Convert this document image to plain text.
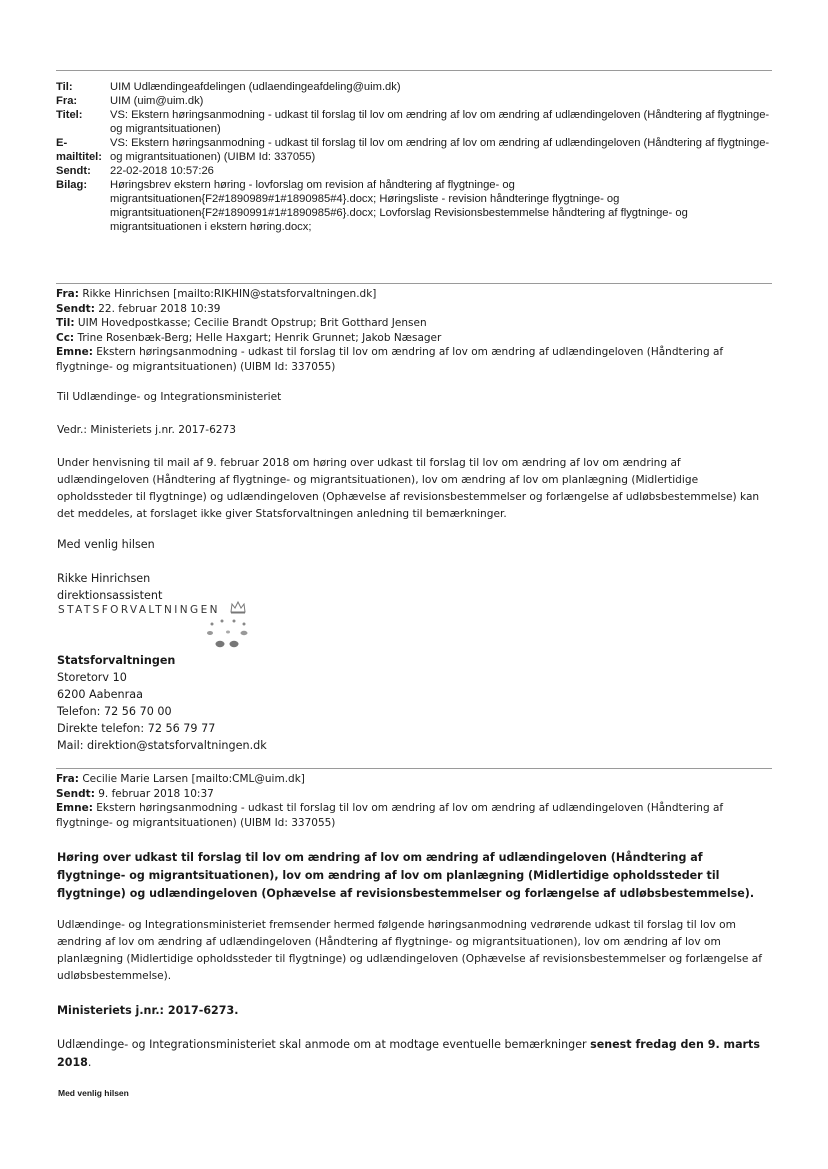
Til:	UIM Udlændingeafdelingen (udlaendingeafdeling@uim.dk)
Fra:	UIM (uim@uim.dk)
Titel:	VS: Ekstern høringsanmodning - udkast til forslag til lov om ændring af lov om ændring af udlændingeloven (Håndtering af flygtninge- og migrantsituationen)
E-mailtitel:
VS: Ekstern høringsanmodning - udkast til forslag til lov om ændring af lov om ændring af udlændingeloven (Håndtering af flygtninge- og migrantsituationen) (UIBM Id: 337055)
Sendt:	22-02-2018 10:57:26
Bilag:	Høringsbrev ekstern høring - lovforslag om revision af håndtering af flygtninge- og migrantsituationen{F2#1890989#1#1890985#4}.docx; Høringsliste - revision håndteringe flygtninge- og migrantsituationen{F2#1890991#1#1890985#6}.docx; Lovforslag Revisionsbestemmelse håndtering af flygtninge- og migrantsituationen i ekstern høring.docx;
Fra: Rikke Hinrichsen [mailto:RIKHIN@statsforvaltningen.dk]
Sendt: 22. februar 2018 10:39
Til: UIM Hovedpostkasse; Cecilie Brandt Opstrup; Brit Gotthard Jensen
Cc: Trine Rosenbæk-Berg; Helle Haxgart; Henrik Grunnet; Jakob Næsager
Emne: Ekstern høringsanmodning - udkast til forslag til lov om ændring af lov om ændring af udlændingeloven (Håndtering af flygtninge- og migrantsituationen) (UIBM Id: 337055)
Til Udlændinge- og Integrationsministeriet
Vedr.: Ministeriets j.nr. 2017-6273
Under henvisning til mail af 9. februar 2018 om høring over udkast til forslag til lov om ændring af lov om ændring af udlændingeloven (Håndtering af flygtninge- og migrantsituationen), lov om ændring af lov om planlægning (Midlertidige opholdssteder til flygtninge) og udlændingeloven (Ophævelse af revisionsbestemmelser og forlængelse af udløbsbestemmelse) kan det meddeles, at forslaget ikke giver Statsforvaltningen anledning til bemærkninger.
Med venlig hilsen
Rikke Hinrichsen
direktionsassistent
STATSFORVALTNINGEN
Statsforvaltningen
Storetorv 10
6200 Aabenraa
Telefon: 72 56 70 00
Direkte telefon: 72 56 79 77
Mail: direktion@statsforvaltningen.dk
Fra: Cecilie Marie Larsen [mailto:CML@uim.dk]
Sendt: 9. februar 2018 10:37
Emne: Ekstern høringsanmodning - udkast til forslag til lov om ændring af lov om ændring af udlændingeloven (Håndtering af flygtninge- og migrantsituationen) (UIBM Id: 337055)
Høring over udkast til forslag til lov om ændring af lov om ændring af udlændingeloven (Håndtering af flygtninge- og migrantsituationen), lov om ændring af lov om planlægning (Midlertidige opholdssteder til flygtninge) og udlændingeloven (Ophævelse af revisionsbestemmelser og forlængelse af udløbsbestemmelse).
Udlændinge- og Integrationsministeriet fremsender hermed følgende høringsanmodning vedrørende udkast til forslag til lov om ændring af lov om ændring af udlændingeloven (Håndtering af flygtninge- og migrantsituationen), lov om ændring af lov om planlægning (Midlertidige opholdssteder til flygtninge) og udlændingeloven (Ophævelse af revisionsbestemmelser og forlængelse af udløbsbestemmelse).
Ministeriets j.nr.: 2017-6273.
Udlændinge- og Integrationsministeriet skal anmode om at modtage eventuelle bemærkninger senest fredag den 9. marts 2018.
Med venlig hilsen
